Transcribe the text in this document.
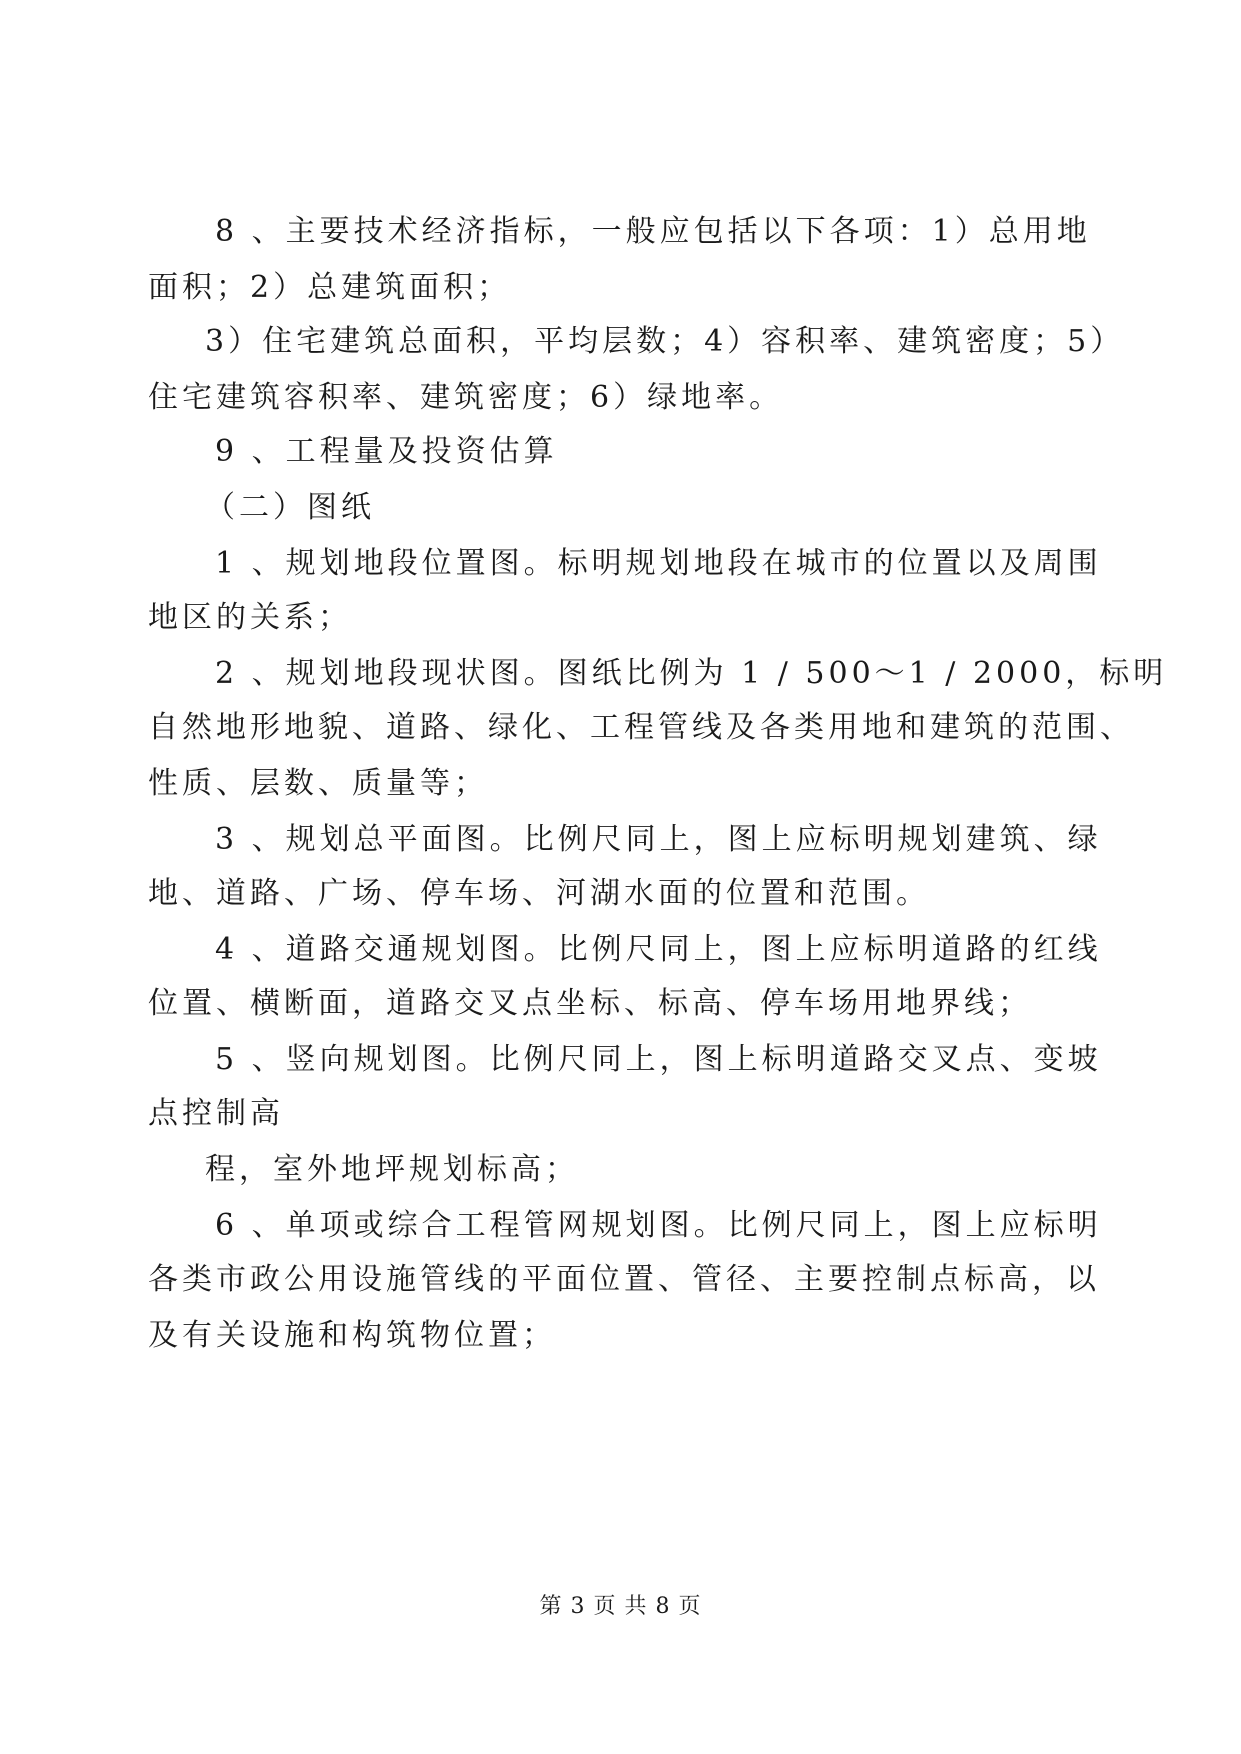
8 、主要技术经济指标，一般应包括以下各项：1）总用地
面积；2）总建筑面积；
3）住宅建筑总面积，平均层数；4）容积率、建筑密度；5）
住宅建筑容积率、建筑密度；6）绿地率。
9 、工程量及投资估算
（二）图纸
1 、规划地段位置图。标明规划地段在城市的位置以及周围
地区的关系；
2 、规划地段现状图。图纸比例为 1 / 500～1 / 2000，标明
自然地形地貌、道路、绿化、工程管线及各类用地和建筑的范围、
性质、层数、质量等；
3 、规划总平面图。比例尺同上，图上应标明规划建筑、绿
地、道路、广场、停车场、河湖水面的位置和范围。
4 、道路交通规划图。比例尺同上，图上应标明道路的红线
位置、横断面，道路交叉点坐标、标高、停车场用地界线；
5 、竖向规划图。比例尺同上，图上标明道路交叉点、变坡
点控制高
程，室外地坪规划标高；
6 、单项或综合工程管网规划图。比例尺同上，图上应标明
各类市政公用设施管线的平面位置、管径、主要控制点标高，以
及有关设施和构筑物位置；
第 3 页 共 8 页
